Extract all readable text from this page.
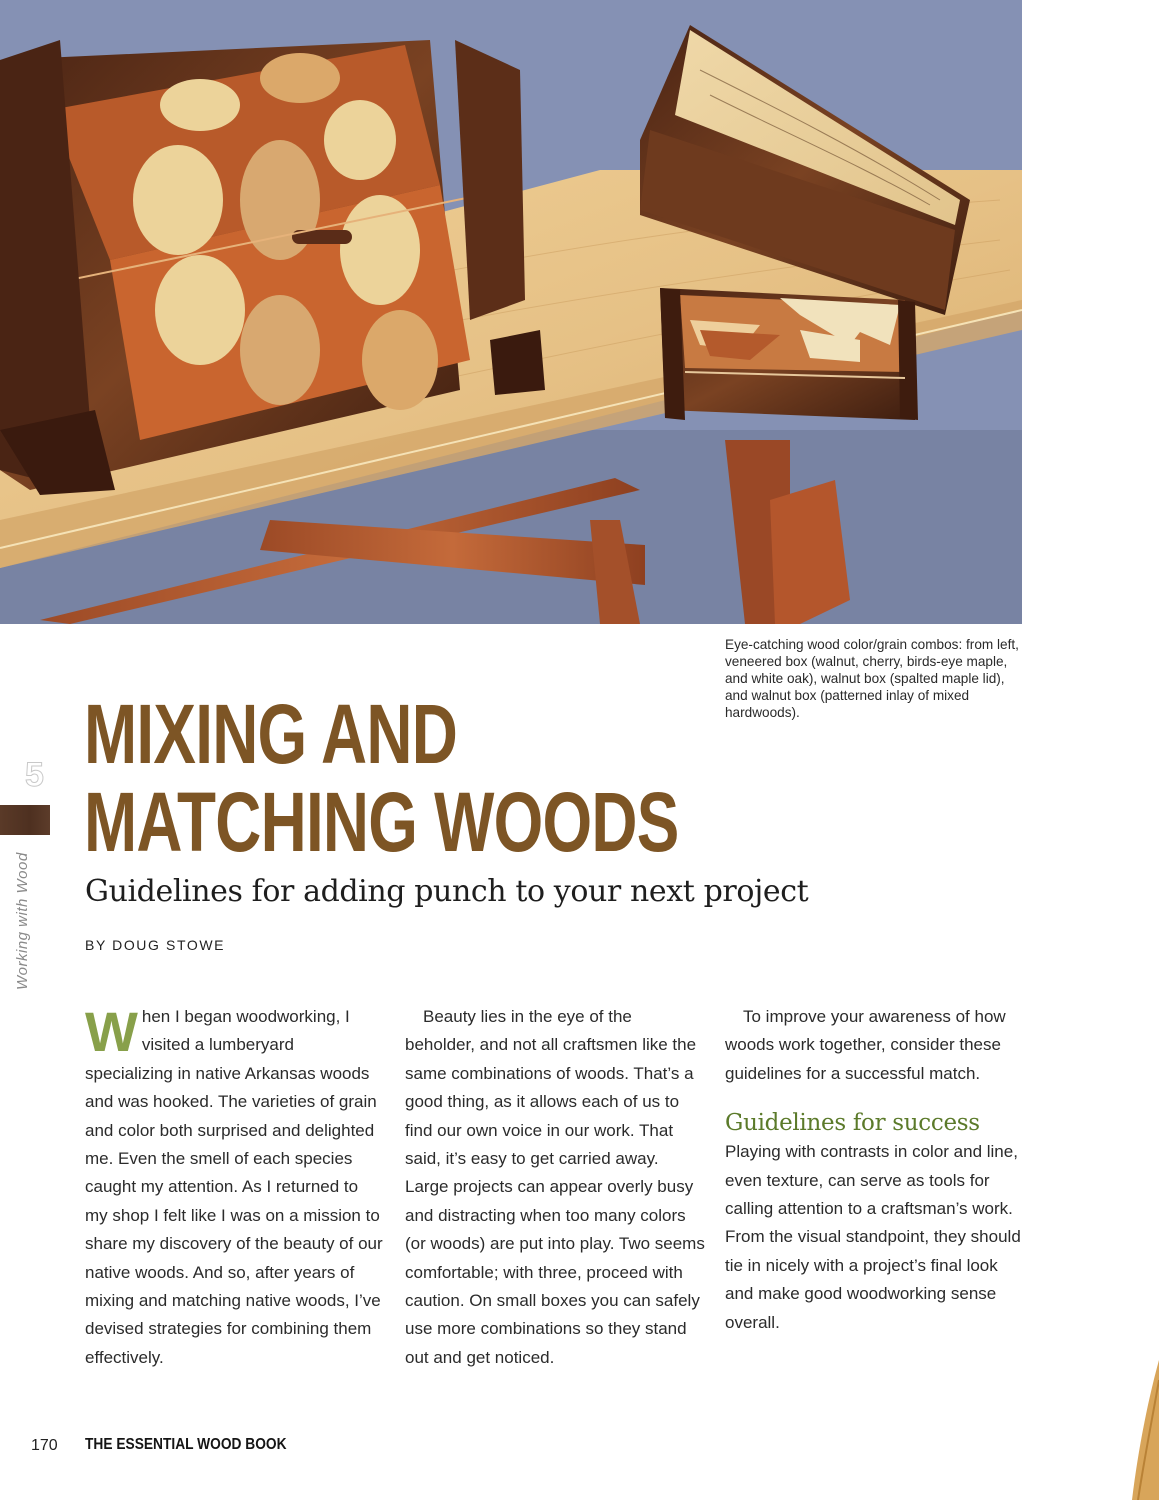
Eye-catching wood color/grain combos: from left, veneered box (walnut, cherry, birds-eye maple, and white oak), walnut box (spalted maple lid), and walnut box (patterned inlay of mixed hardwoods).
5
Working with Wood
MIXING AND
MATCHING WOODS
Guidelines for adding punch to your next project
BY DOUG STOWE

When I began woodworking, I visited a lumberyard specializing in native Arkansas woods and was hooked. The varieties of grain and color both surprised and delighted me. Even the smell of each species caught my attention. As I returned to my shop I felt like I was on a mission to share my discovery of the beauty of our native woods. And so, after years of mixing and matching native woods, I’ve devised strategies for combining them effectively.

Beauty lies in the eye of the beholder, and not all craftsmen like the same combinations of woods. That’s a good thing, as it allows each of us to find our own voice in our work. That said, it’s easy to get carried away. Large projects can appear overly busy and distracting when too many colors (or woods) are put into play. Two seems comfortable; with three, proceed with caution. On small boxes you can safely use more combinations so they stand out and get noticed.

To improve your awareness of how woods work together, consider these guidelines for a successful match.

Guidelines for success

Playing with contrasts in color and line, even texture, can serve as tools for calling attention to a craftsman’s work. From the visual standpoint, they should tie in nicely with a project’s final look and make good woodworking sense overall.

170 THE ESSENTIAL WOOD BOOK
